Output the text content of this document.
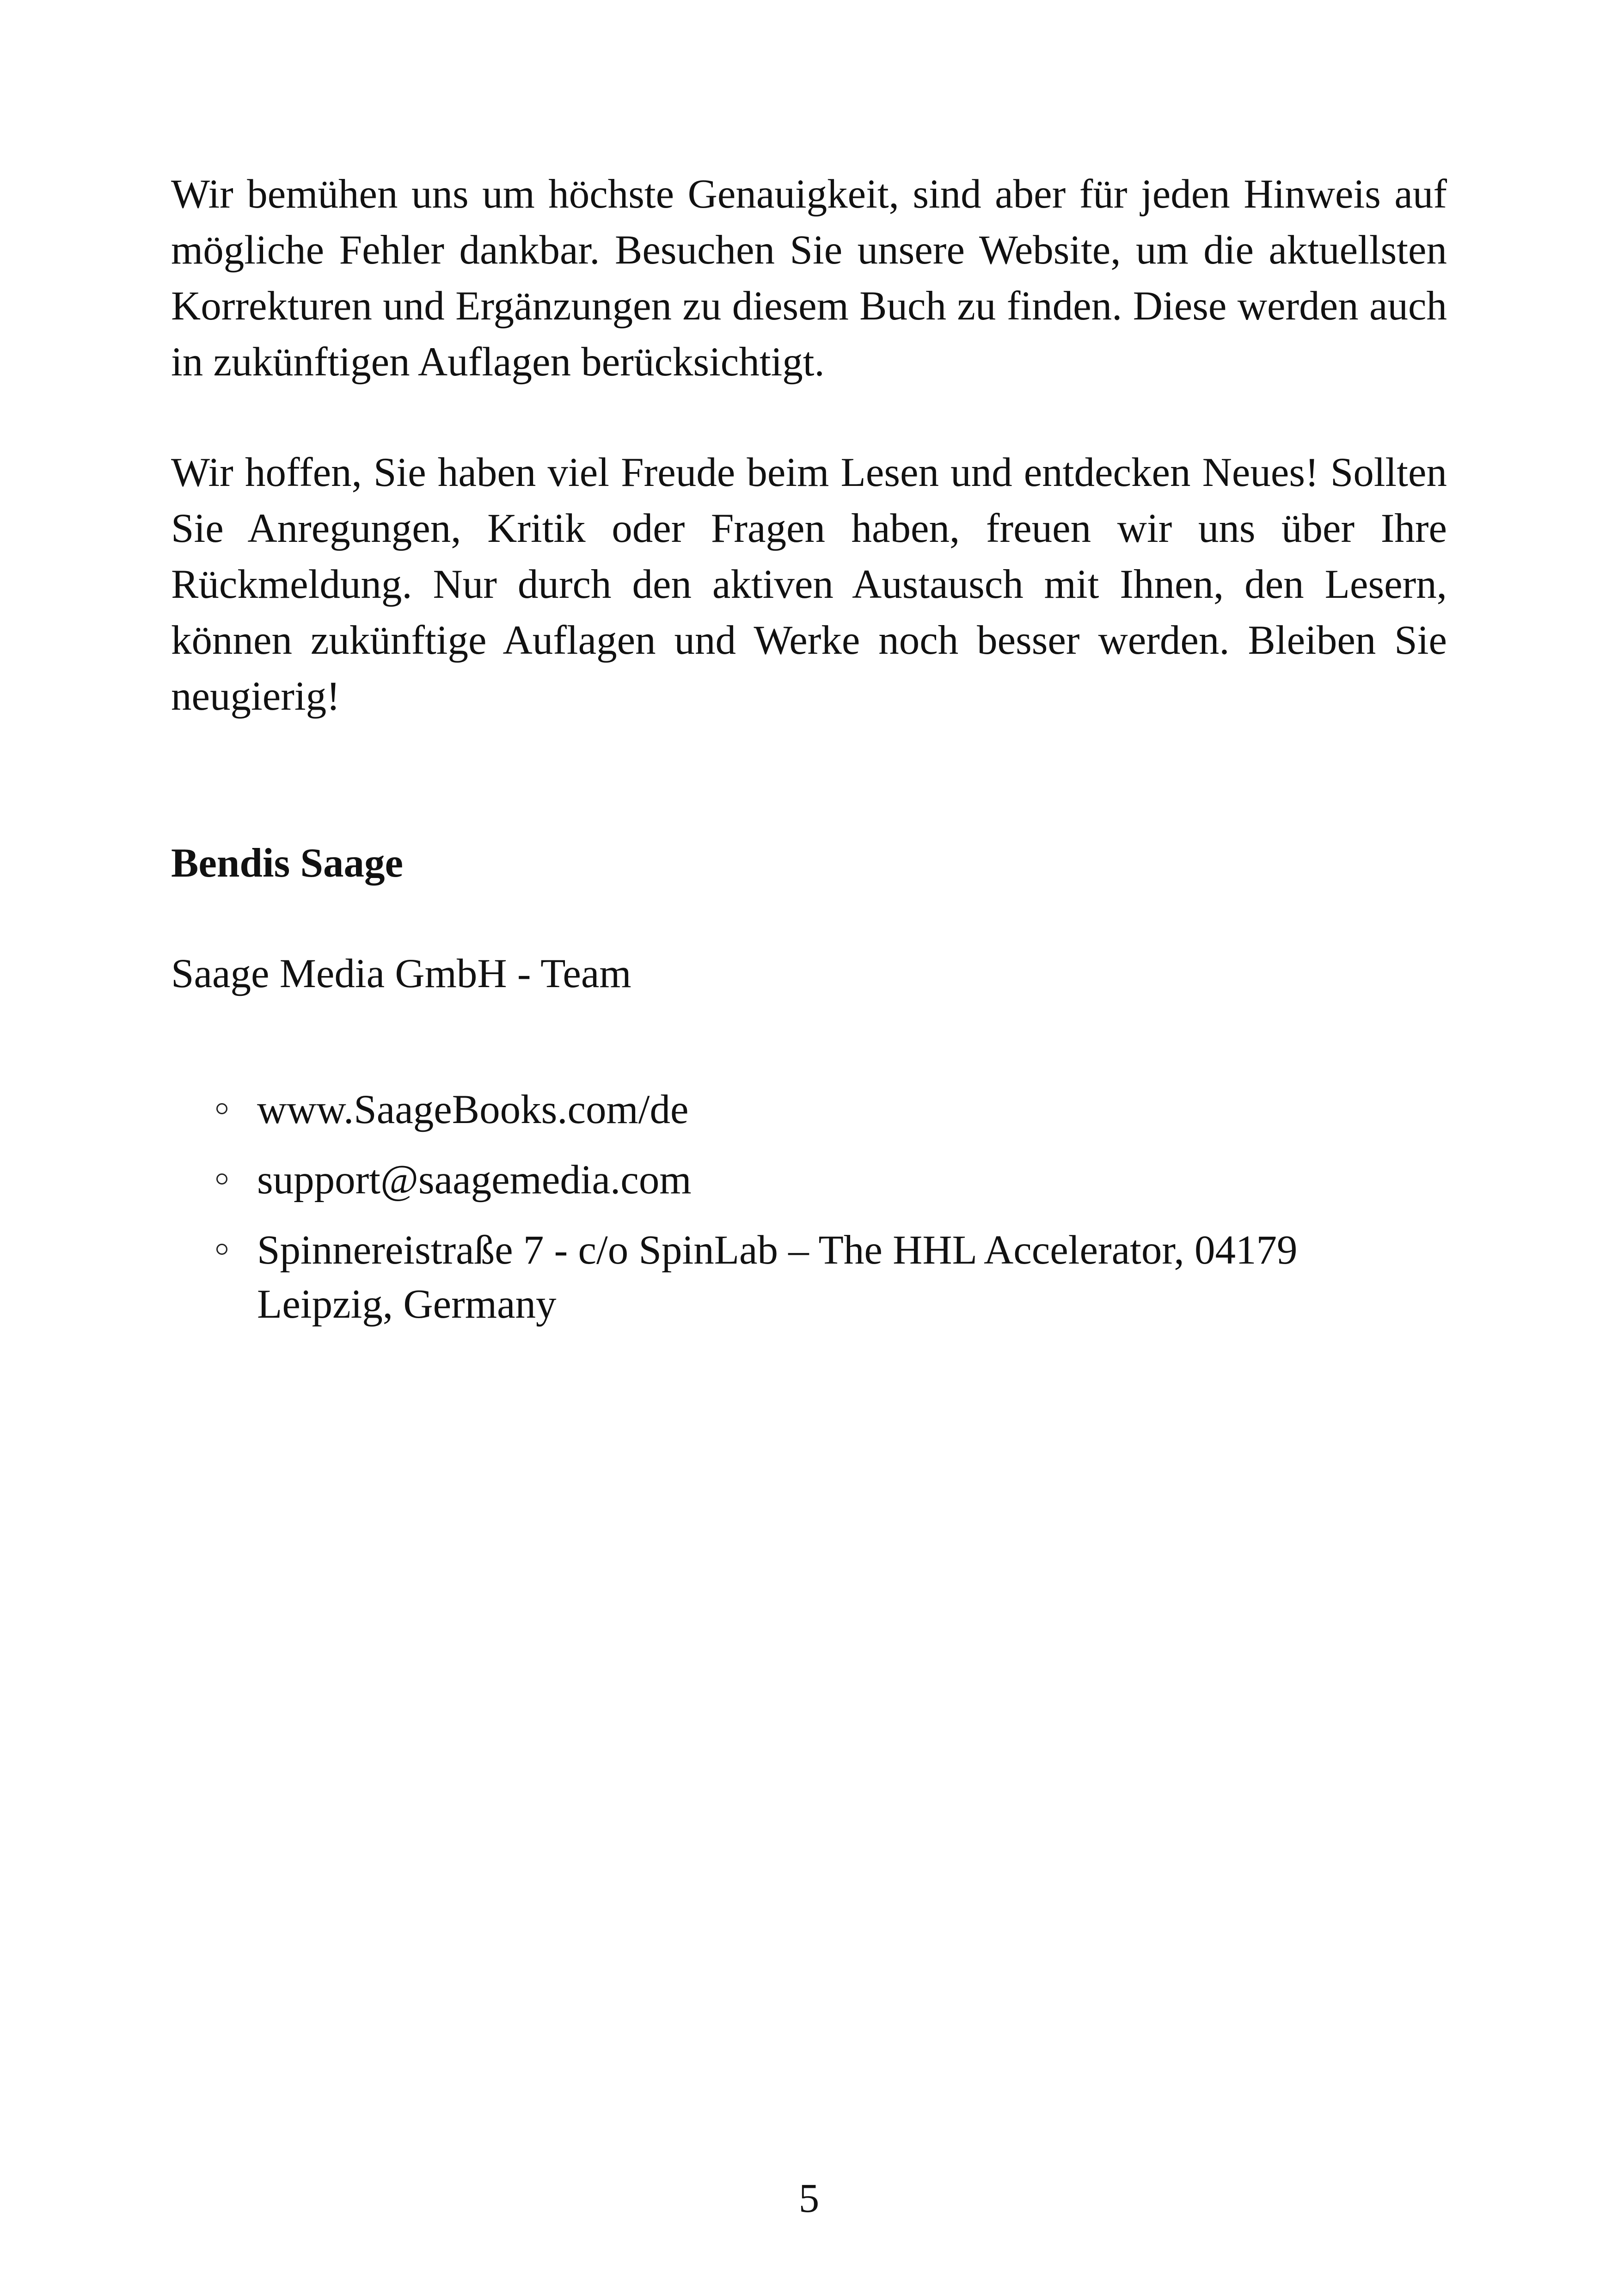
Wir bemühen uns um höchste Genauigkeit, sind aber für jeden Hinweis auf mögliche Fehler dankbar. Besuchen Sie unsere Website, um die aktuellsten Korrekturen und Ergänzungen zu diesem Buch zu finden. Diese werden auch in zukünftigen Auflagen berücksichtigt.

Wir hoffen, Sie haben viel Freude beim Lesen und entdecken Neues! Sollten Sie Anregungen, Kritik oder Fragen haben, freuen wir uns über Ihre Rückmeldung. Nur durch den aktiven Austausch mit Ihnen, den Lesern, können zukünftige Auflagen und Werke noch besser werden. Bleiben Sie neugierig!

Bendis Saage

Saage Media GmbH - Team

www.SaageBooks.com/de
support@saagemedia.com
Spinnereistraße 7 - c/o SpinLab – The HHL Accelerator, 04179 Leipzig, Germany
5
